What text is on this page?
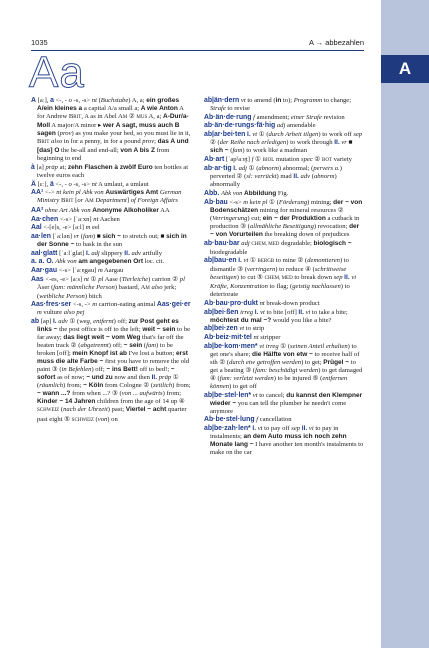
A
1035	A → abbezahlen
Aa

A [aː], a <-, - o -s, -s> nt (Buchstabe) A, a; ein großes A/ein kleines a a capital A/a small a; A wie Anton A for Andrew BRIT, A as in Abel AM ② MUS A, a; A-Dur/a-Moll A major/A minor ▸ wer A sagt, muss auch B sagen (prov) as you make your bed, so you must lie in it, BRIT also in for a penny, in for a pound prov; das A und [das] O the be-all and end-all; von A bis Z from beginning to end

à [a] präp at; zehn Flaschen à zwölf Euro ten bottles at twelve euros each

Ä [ɛː], ä <-, - o -s, -s> nt A umlaut, a umlaut

AA¹ <-> nt kein pl Abk von Auswärtiges Amt German Ministry BRIT [or AM Department] of Foreign Affairs

AA² ohne Art Abk von Anonyme Alkoholiker AA

Aa·chen <-s> [ˈaːxn] nt Aachen

Aal <-[e]s, -e> [aːl] m eel

aa·len [ˈaːlən] vr (fam) ■ sich ~ to stretch out; ■ sich in der Sonne ~ to bask in the sun

aal·glatt [ˈaːlˈglat] I. adj slippery II. adv artfully

a. a. O. Abk von am angegebenen Ort loc. cit.

Aar·gau <-s> [ˈaːɐ̯gau] m Aargau

Aas <-es, -e> [aːs] nt ① pl Aase (Tierleiche) carrion ② pl Äser (fam: männliche Person) bastard, AM also jerk; (weibliche Person) bitch

Aas·fres·ser <-s, -> m carrion-eating animal Aas·gei·er m vulture also pej

ab [ap] I. adv ① (weg, entfernt) off; zur Post geht es links ~ the post office is off to the left; weit ~ sein to be far away; das liegt weit ~ vom Weg that's far off the beaten track ② (abgetrennt) off; ~ sein (fam) to be broken [off]; mein Knopf ist ab I've lost a button; erst muss die alte Farbe ~ first you have to remove the old paint ③ (in Befehlen) off; ~ ins Bett! off to bed!; ~ sofort as of now; ~ und zu now and then II. präp ① (räumlich) from; ~ Köln from Cologne ② (zeitlich) from; ~ wann ...? from when ...? ③ (von ... aufwärts) from; Kinder ~ 14 Jahren children from the age of 14 up ④ SCHWEIZ (nach der Uhrzeit) past; Viertel ~ acht quarter past eight ⑤ SCHWEIZ (von) on

ab|än·dern vt to amend (in to); Programm to change; Strafe to revise

Ab·än·de·rung f amendment; einer Strafe revision

ab·än·de·rungs·fä·hig adj amendable

ab|ar·bei·ten I. vt ① (durch Arbeit tilgen) to work off sep ② (der Reihe nach erledigen) to work through II. vr ■ sich ~ (fam) to work like a madman

Ab·art [ˈapˀaːɐ̯t] f ① BIOL mutation spec ② BOT variety

ab·ar·tig I. adj ① (abnorm) abnormal; (pervers a.) perverted ② (sl: verrückt) mad II. adv (abnorm) abnormally

Abb. Abk von Abbildung Fig.

Ab·bau <-s> m kein pl ① (Förderung) mining; der ~ von Bodenschätzen mining for mineral resources ② (Verringerung) cut; ein ~ der Produktion a cutback in production ③ (allmähliche Beseitigung) revocation; der ~ von Vorurteilen the breaking down of prejudices

ab·bau·bar adj CHEM, MED degradable; biologisch ~ biodegradable

ab|bau·en I. vt ① BERGB to mine ② (demontieren) to dismantle ③ (verringern) to reduce ④ (schrittweise beseitigen) to cut ⑤ CHEM, MED to break down sep II. vi Kräfte, Konzentration to flag; (geistig nachlassen) to deteriorate

Ab·bau·pro·dukt nt break-down product

ab|bei·ßen irreg I. vt to bite [off] II. vi to take a bite; möchtest du mal ~? would you like a bite?

ab|bei·zen vt to strip

Ab·beiz·mit·tel nt stripper

ab|be·kom·men* vt irreg ① (seinen Anteil erhalten) to get one's share; die Hälfte von etw ~ to receive half of sth ② (durch etw getroffen werden) to get; Prügel ~ to get a beating ③ (fam: beschädigt werden) to get damaged ④ (fam: verletzt werden) to be injured ⑤ (entfernen können) to get off

ab|be·stel·len* vt to cancel; du kannst den Klempner wieder ~ you can tell the plumber he needn't come anymore

Ab·be·stel·lung f cancellation

ab|be·zah·len* I. vt to pay off sep II. vi to pay in instalments; an dem Auto muss ich noch zehn Monate lang ~ I have another ten month's instalments to make on the car
